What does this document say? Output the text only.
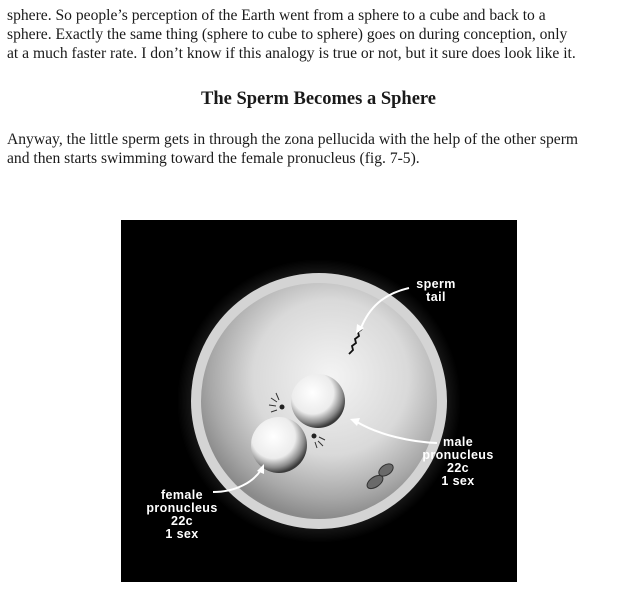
sphere. So people’s perception of the Earth went from a sphere to a cube and back to a
sphere. Exactly the same thing (sphere to cube to sphere) goes on during conception, only
at a much faster rate. I don’t know if this analogy is true or not, but it sure does look like it.

The Sperm Becomes a Sphere

Anyway, the little sperm gets in through the zona pellucida with the help of the other sperm
and then starts swimming toward the female pronucleus (fig. 7-5).

sperm
tail
male
pronucleus
22c
1 sex
female
pronucleus
22c
1 sex
